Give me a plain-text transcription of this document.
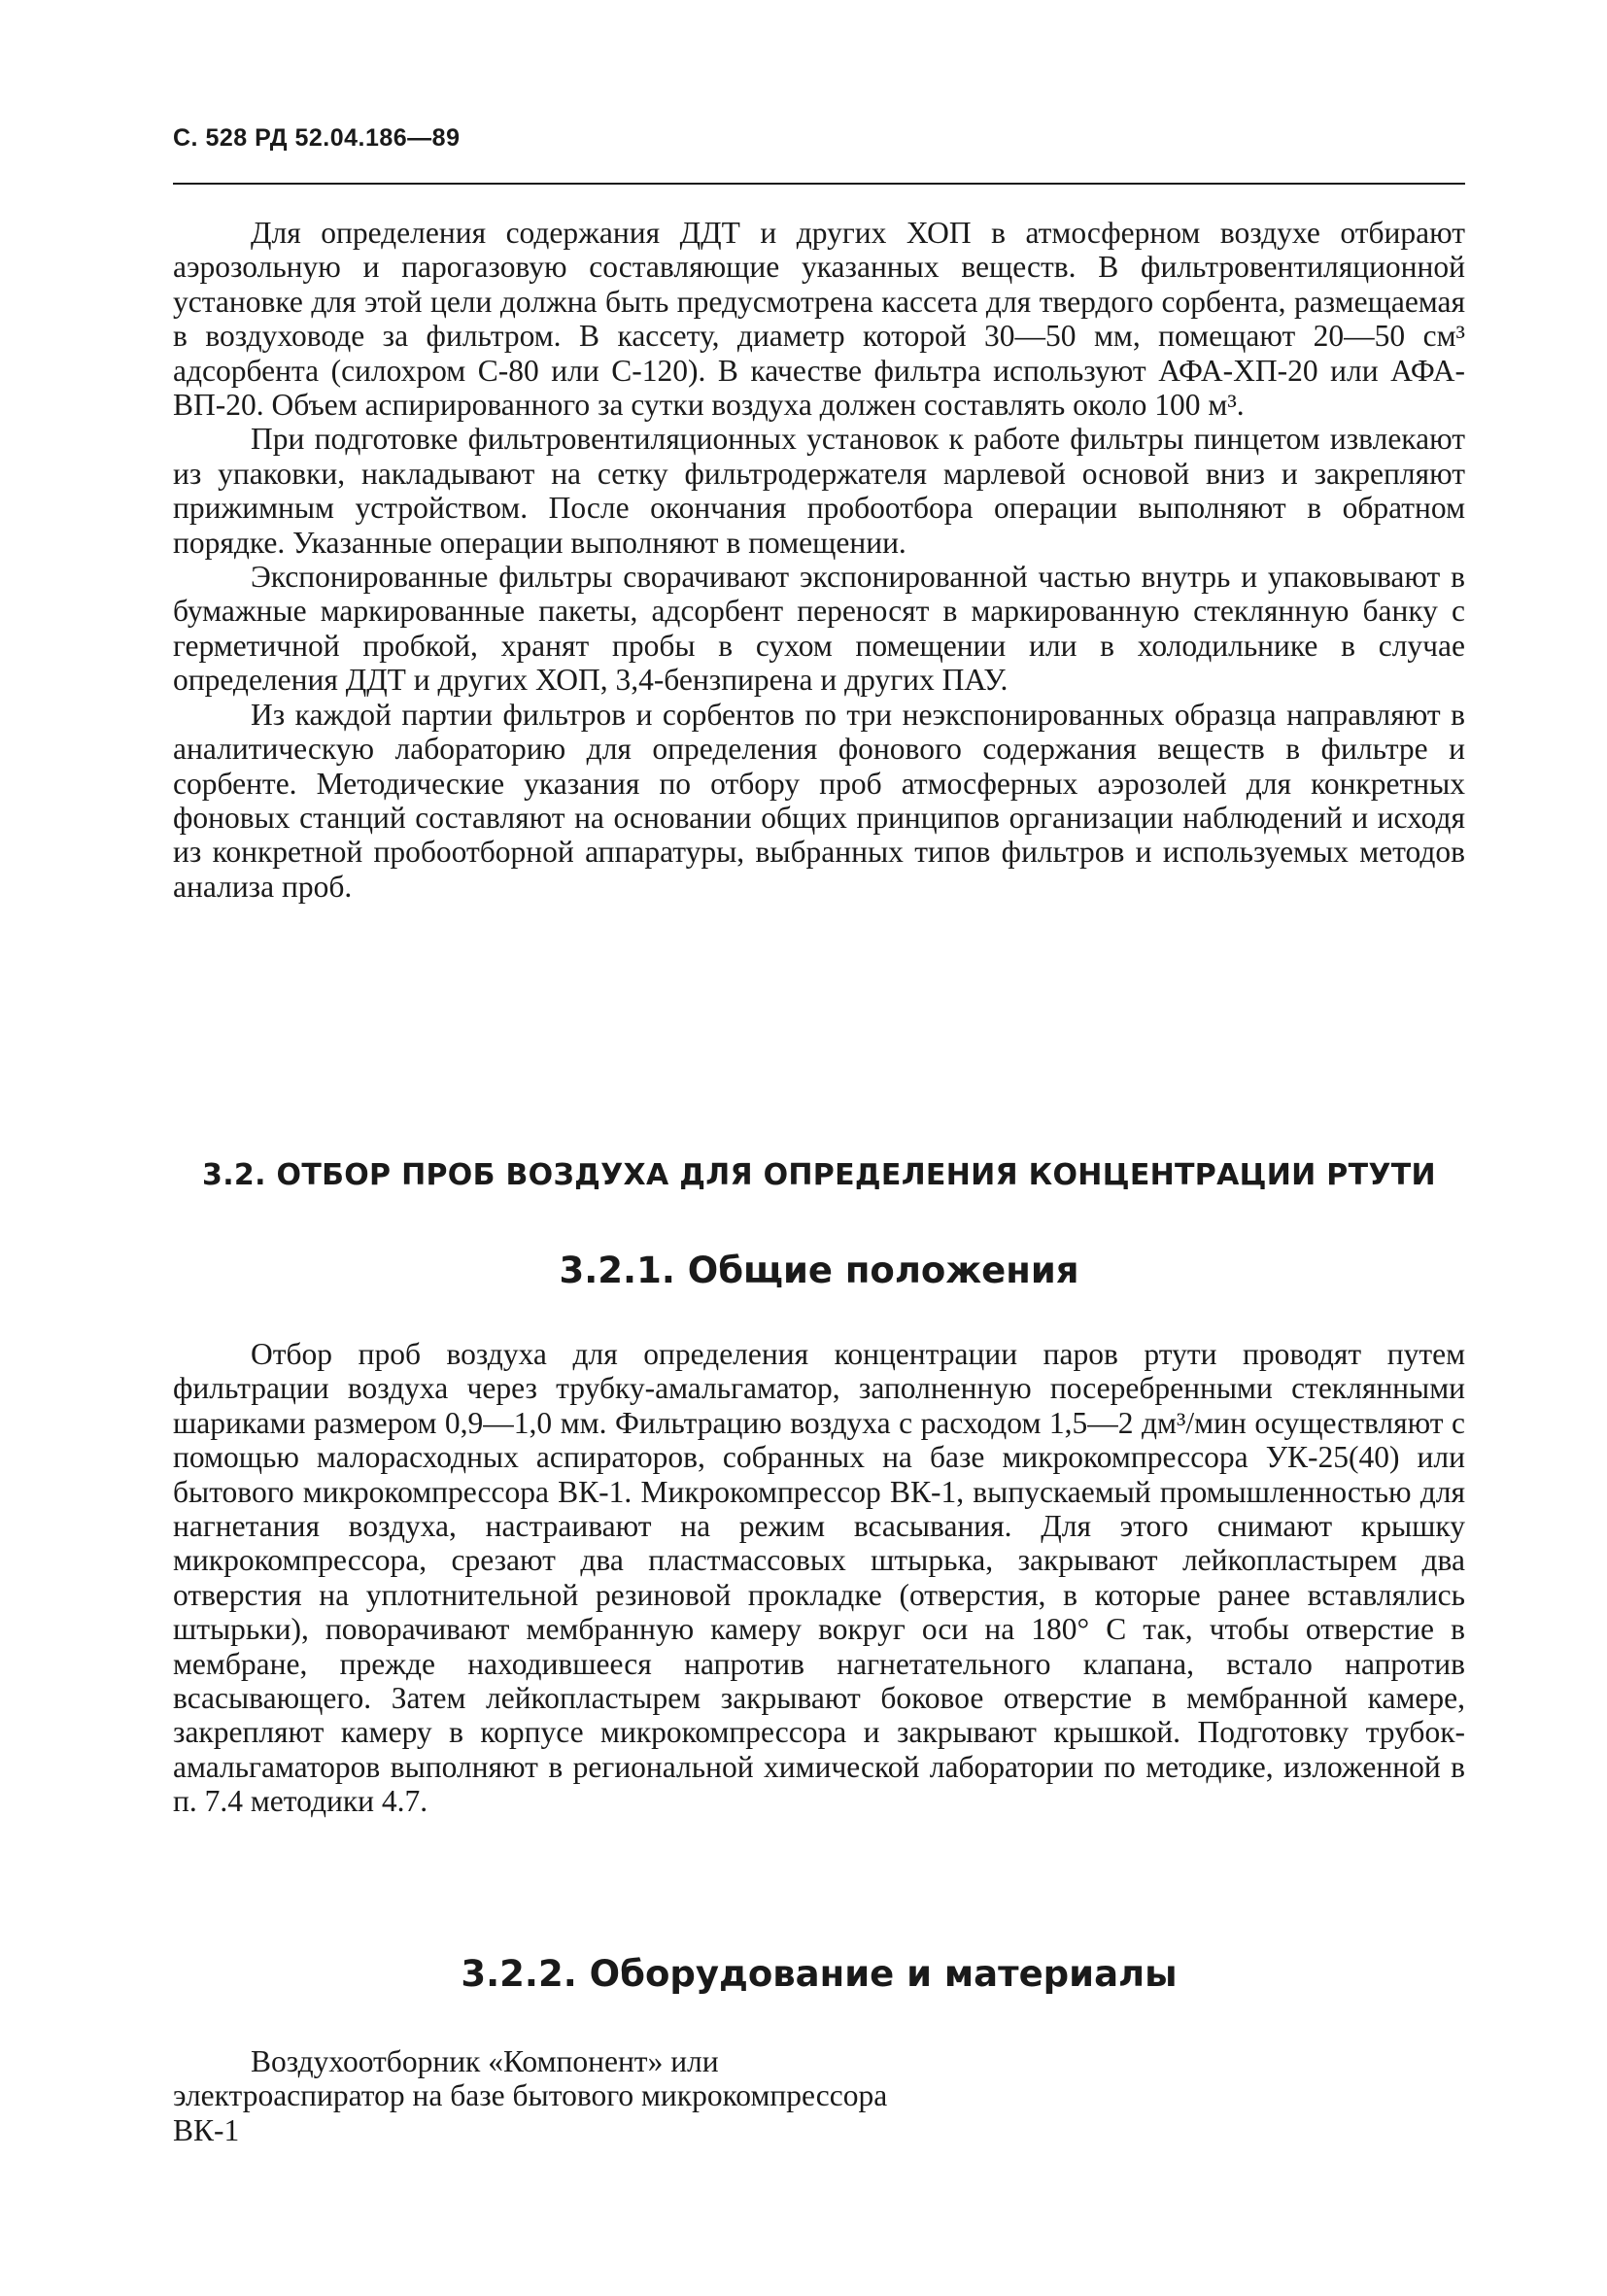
С. 528 РД 52.04.186—89

Для определения содержания ДДТ и других ХОП в атмосферном воздухе отбирают аэрозольную и парогазовую составляющие указанных веществ. В фильтровентиляционной установке для этой цели должна быть предусмотрена кассета для твердого сорбента, размещаемая в воздуховоде за фильтром. В кассету, диаметр которой 30—50 мм, помещают 20—50 см³ адсорбента (силохром С-80 или С-120). В качестве фильтра используют АФА-ХП-20 или АФА-ВП-20. Объем аспирированного за сутки воздуха должен составлять около 100 м³.

При подготовке фильтровентиляционных установок к работе фильтры пинцетом извлекают из упаковки, накладывают на сетку фильтродержателя марлевой основой вниз и закрепляют прижимным устройством. После окончания пробоотбора операции выполняют в обратном порядке. Указанные операции выполняют в помещении.

Экспонированные фильтры сворачивают экспонированной частью внутрь и упаковывают в бумажные маркированные пакеты, адсорбент переносят в маркированную стеклянную банку с герметичной пробкой, хранят пробы в сухом помещении или в холодильнике в случае определения ДДТ и других ХОП, 3,4-бензпирена и других ПАУ.

Из каждой партии фильтров и сорбентов по три неэкспонированных образца направляют в аналитическую лабораторию для определения фонового содержания веществ в фильтре и сорбенте. Методические указания по отбору проб атмосферных аэрозолей для конкретных фоновых станций составляют на основании общих принципов организации наблюдений и исходя из конкретной пробоотборной аппаратуры, выбранных типов фильтров и используемых методов анализа проб.

3.2. ОТБОР ПРОБ ВОЗДУХА ДЛЯ ОПРЕДЕЛЕНИЯ КОНЦЕНТРАЦИИ РТУТИ
3.2.1. Общие положения

Отбор проб воздуха для определения концентрации паров ртути проводят путем фильтрации воздуха через трубку-амальгаматор, заполненную посеребренными стеклянными шариками размером 0,9—1,0 мм. Фильтрацию воздуха с расходом 1,5—2 дм³/мин осуществляют с помощью малорасходных аспираторов, собранных на базе микрокомпрессора УК-25(40) или бытового микрокомпрессора ВК-1. Микрокомпрессор ВК-1, выпускаемый промышленностью для нагнетания воздуха, настраивают на режим всасывания. Для этого снимают крышку микрокомпрессора, срезают два пластмассовых штырька, закрывают лейкопластырем два отверстия на уплотнительной резиновой прокладке (отверстия, в которые ранее вставлялись штырьки), поворачивают мембранную камеру вокруг оси на 180° С так, чтобы отверстие в мембране, прежде находившееся напротив нагнетательного клапана, встало напротив всасывающего. Затем лейкопластырем закрывают боковое отверстие в мембранной камере, закрепляют камеру в корпусе микрокомпрессора и закрывают крышкой. Подготовку трубок-амальгаматоров выполняют в региональной химической лаборатории по методике, изложенной в п. 7.4 методики 4.7.

3.2.2. Оборудование и материалы
Воздухоотборник «Компонент» или
электроаспиратор на базе бытового микрокомпрессора ВК-1
